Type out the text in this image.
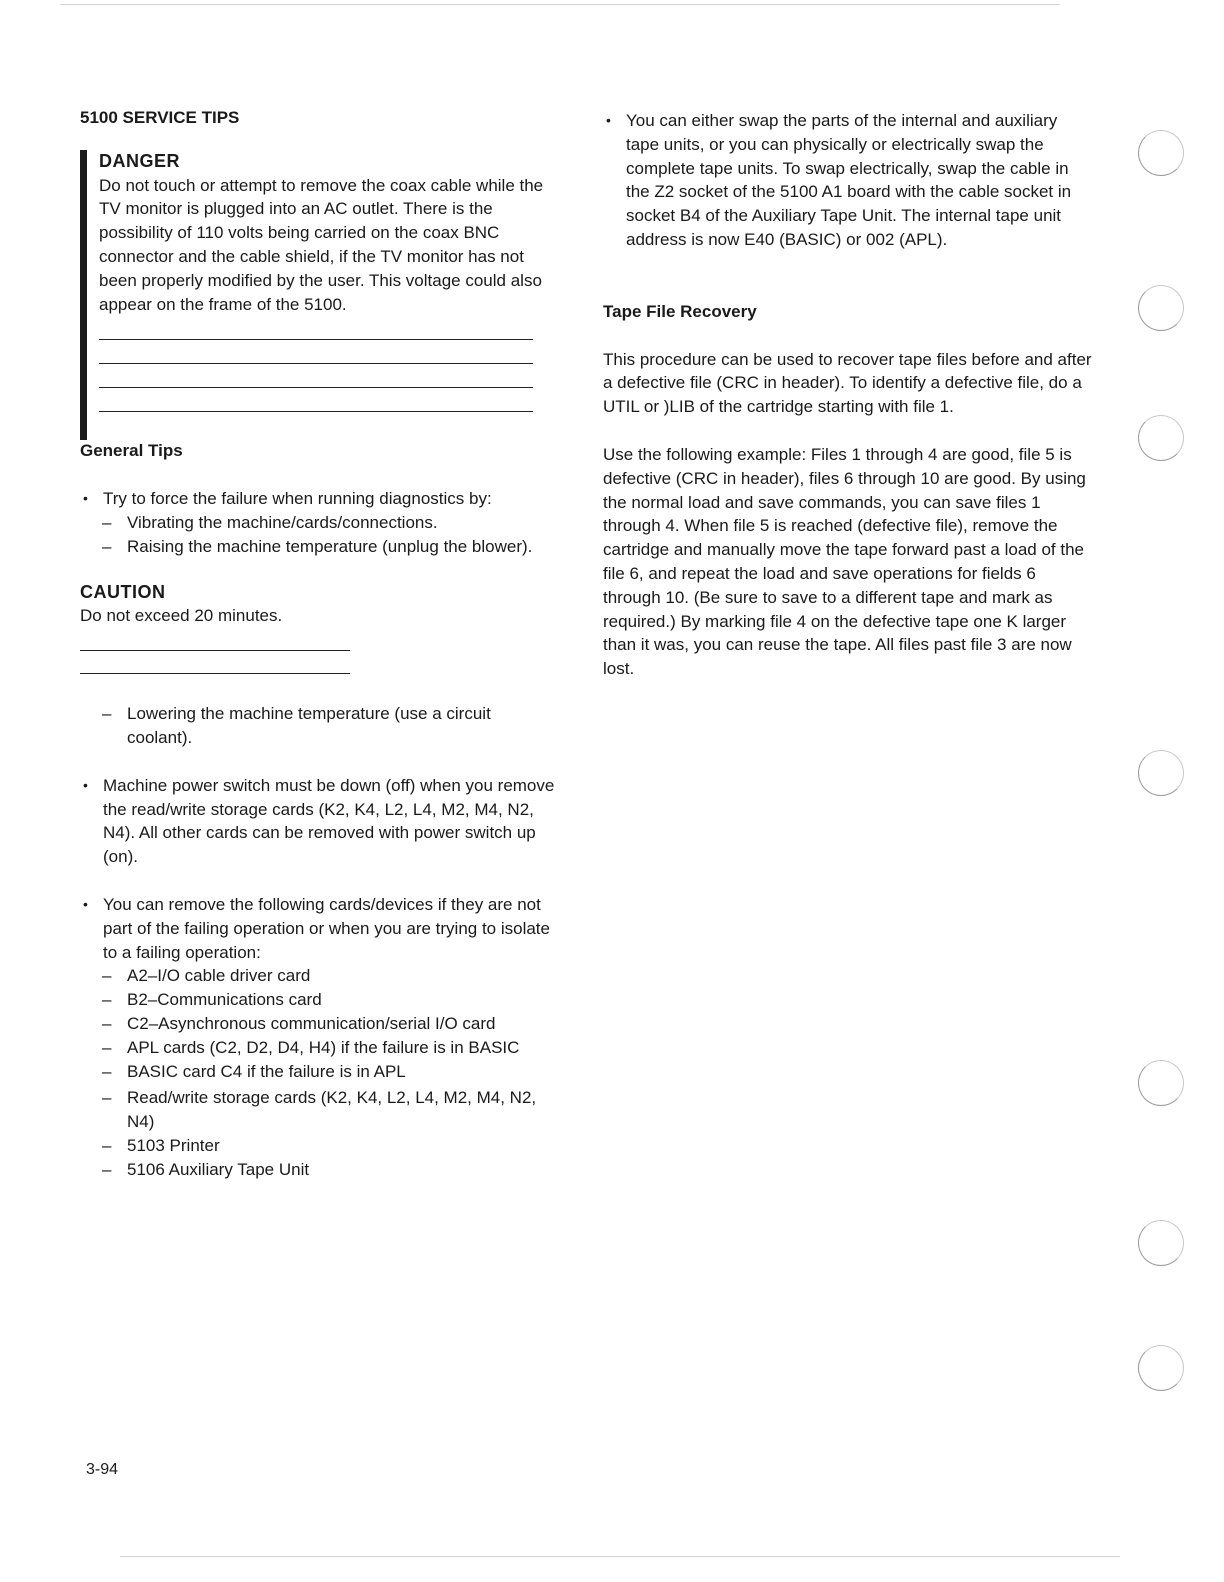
5100 SERVICE TIPS

DANGER

Do not touch or attempt to remove the coax cable while the TV monitor is plugged into an AC outlet. There is the possibility of 110 volts being carried on the coax BNC connector and the cable shield, if the TV monitor has not been properly modified by the user. This voltage could also appear on the frame of the 5100.

General Tips

• Try to force the failure when running diagnostics by:
– Vibrating the machine/cards/connections.
– Raising the machine temperature (unplug the blower).

CAUTION

Do not exceed 20 minutes.

– Lowering the machine temperature (use a circuit coolant).
• Machine power switch must be down (off) when you remove the read/write storage cards (K2, K4, L2, L4, M2, M4, N2, N4). All other cards can be removed with power switch up (on).
• You can remove the following cards/devices if they are not part of the failing operation or when you are trying to isolate to a failing operation:
– A2–I/O cable driver card
– B2–Communications card
– C2–Asynchronous communication/serial I/O card
– APL cards (C2, D2, D4, H4) if the failure is in BASIC
– BASIC card C4 if the failure is in APL
– Read/write storage cards (K2, K4, L2, L4, M2, M4, N2, N4)
– 5103 Printer
– 5106 Auxiliary Tape Unit
• You can either swap the parts of the internal and auxiliary tape units, or you can physically or electrically swap the complete tape units. To swap electrically, swap the cable in the Z2 socket of the 5100 A1 board with the cable socket in socket B4 of the Auxiliary Tape Unit. The internal tape unit address is now E40 (BASIC) or 002 (APL).

Tape File Recovery

This procedure can be used to recover tape files before and after a defective file (CRC in header). To identify a defective file, do a UTIL or )LIB of the cartridge starting with file 1.

Use the following example: Files 1 through 4 are good, file 5 is defective (CRC in header), files 6 through 10 are good. By using the normal load and save commands, you can save files 1 through 4. When file 5 is reached (defective file), remove the cartridge and manually move the tape forward past a load of the file 6, and repeat the load and save operations for fields 6 through 10. (Be sure to save to a different tape and mark as required.) By marking file 4 on the defective tape one K larger than it was, you can reuse the tape. All files past file 3 are now lost.

3-94
